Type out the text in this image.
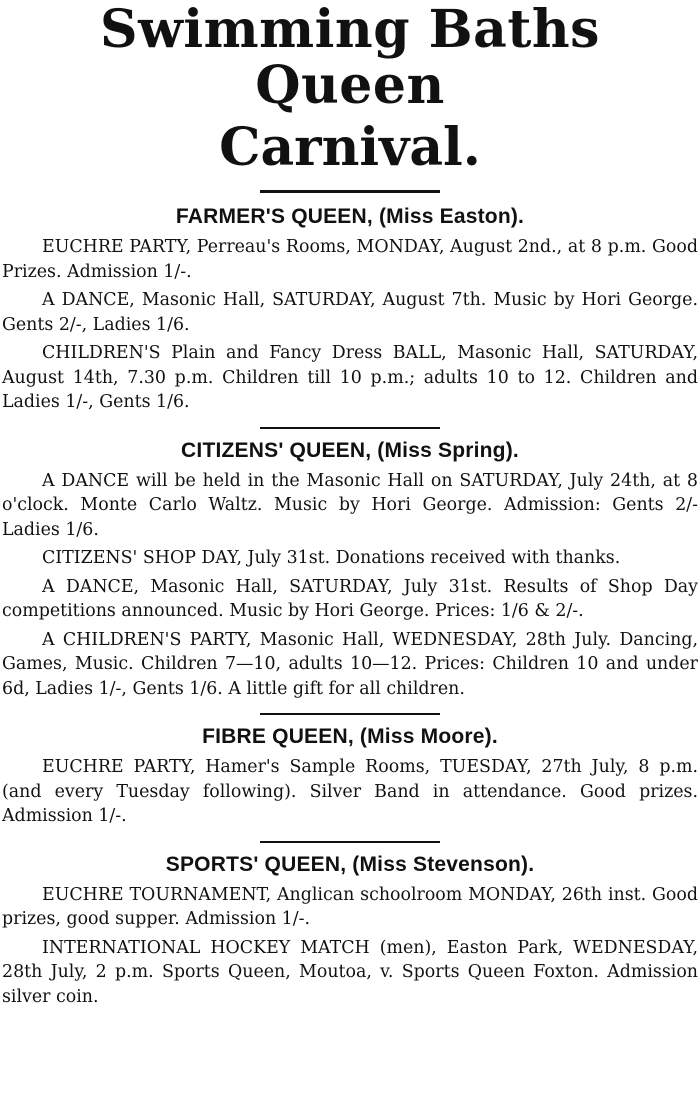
Swimming Baths Queen
Carnival.
FARMER'S QUEEN, (Miss Easton).

EUCHRE PARTY, Perreau's Rooms, MONDAY, August 2nd., at 8 p.m. Good Prizes. Admission 1/-.

A DANCE, Masonic Hall, SATURDAY, August 7th. Music by Hori George. Gents 2/-, Ladies 1/6.

CHILDREN'S Plain and Fancy Dress BALL, Masonic Hall, SATURDAY, August 14th, 7.30 p.m. Children till 10 p.m.; adults 10 to 12. Children and Ladies 1/-, Gents 1/6.

CITIZENS' QUEEN, (Miss Spring).

A DANCE will be held in the Masonic Hall on SATURDAY, July 24th, at 8 o'clock. Monte Carlo Waltz. Music by Hori George. Admission: Gents 2/- Ladies 1/6.

CITIZENS' SHOP DAY, July 31st. Donations received with thanks.

A DANCE, Masonic Hall, SATURDAY, July 31st. Results of Shop Day competitions announced. Music by Hori George. Prices: 1/6 & 2/-.

A CHILDREN'S PARTY, Masonic Hall, WEDNESDAY, 28th July. Dancing, Games, Music. Children 7—10, adults 10—12. Prices: Children 10 and under 6d, Ladies 1/-, Gents 1/6. A little gift for all children.

FIBRE QUEEN, (Miss Moore).

EUCHRE PARTY, Hamer's Sample Rooms, TUESDAY, 27th July, 8 p.m. (and every Tuesday following). Silver Band in attendance. Good prizes. Admission 1/-.

SPORTS' QUEEN, (Miss Stevenson).

EUCHRE TOURNAMENT, Anglican schoolroom MONDAY, 26th inst. Good prizes, good supper. Admission 1/-.

INTERNATIONAL HOCKEY MATCH (men), Easton Park, WEDNESDAY, 28th July, 2 p.m. Sports Queen, Moutoa, v. Sports Queen Foxton. Admission silver coin.
